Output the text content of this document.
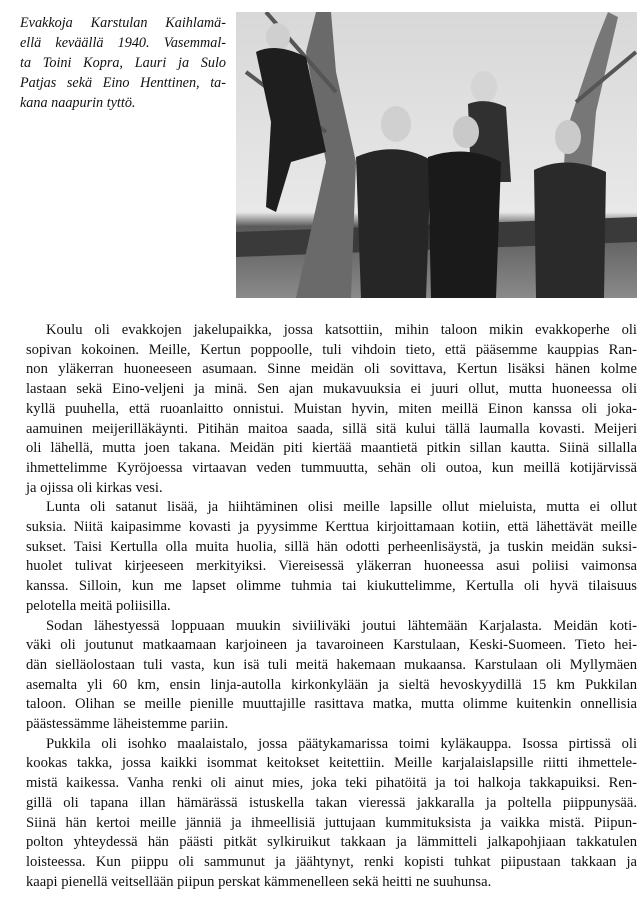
Evakkoja Karstulan Kaihlamä-
ellä keväällä 1940. Vasemmal-
ta Toini Kopra, Lauri ja Sulo
Patjas sekä Eino Henttinen, ta-
kana naapurin tyttö.
Koulu oli evakkojen jakelupaikka, jossa katsottiin, mihin taloon mikin evakkoperhe oli
sopivan kokoinen. Meille, Kertun poppoolle, tuli vihdoin tieto, että pääsemme kauppias Ran-
non yläkerran huoneeseen asumaan. Sinne meidän oli sovittava, Kertun lisäksi hänen kolme
lastaan sekä Eino-veljeni ja minä. Sen ajan mukavuuksia ei juuri ollut, mutta huoneessa oli
kyllä puuhella, että ruoanlaitto onnistui. Muistan hyvin, miten meillä Einon kanssa oli joka-
aamuinen meijerilläkäynti. Pitihän maitoa saada, sillä sitä kului tällä laumalla kovasti. Meijeri
oli lähellä, mutta joen takana. Meidän piti kiertää maantietä pitkin sillan kautta. Siinä sillalla
ihmettelimme Kyröjoessa virtaavan veden tummuutta, sehän oli outoa, kun meillä kotijärvissä
ja ojissa oli kirkas vesi.
Lunta oli satanut lisää, ja hiihtäminen olisi meille lapsille ollut mieluista, mutta ei ollut
suksia. Niitä kaipasimme kovasti ja pyysimme Kerttua kirjoittamaan kotiin, että lähettävät meille
sukset. Taisi Kertulla olla muita huolia, sillä hän odotti perheenlisäystä, ja tuskin meidän suksi-
huolet tulivat kirjeeseen merkityiksi. Viereisessä yläkerran huoneessa asui poliisi vaimonsa
kanssa. Silloin, kun me lapset olimme tuhmia tai kiukuttelimme, Kertulla oli hyvä tilaisuus
pelotella meitä poliisilla.
Sodan lähestyessä loppuaan muukin siviiliväki joutui lähtemään Karjalasta. Meidän koti-
väki oli joutunut matkaamaan karjoineen ja tavaroineen Karstulaan, Keski-Suomeen. Tieto hei-
dän sielläolostaan tuli vasta, kun isä tuli meitä hakemaan mukaansa. Karstulaan oli Myllymäen
asemalta yli 60 km, ensin linja-autolla kirkonkylään ja sieltä hevoskyydillä 15 km Pukkilan
taloon. Olihan se meille pienille muuttajille rasittava matka, mutta olimme kuitenkin onnellisia
päästessämme läheistemme pariin.
Pukkila oli isohko maalaistalo, jossa päätykamarissa toimi kyläkauppa. Isossa pirtissä oli
kookas takka, jossa kaikki isommat keitokset keitettiin. Meille karjalaislapsille riitti ihmettele-
mistä kaikessa. Vanha renki oli ainut mies, joka teki pihatöitä ja toi halkoja takkapuiksi. Ren-
gillä oli tapana illan hämärässä istuskella takan vieressä jakkaralla ja poltella piippunysää.
Siinä hän kertoi meille jänniä ja ihmeellisiä juttujaan kummituksista ja vaikka mistä. Piipun-
polton yhteydessä hän päästi pitkät sylkiruikut takkaan ja lämmitteli jalkapohjiaan takkatulen
loisteessa. Kun piippu oli sammunut ja jäähtynyt, renki kopisti tuhkat piipustaan takkaan ja
kaapi pienellä veitsellään piipun perskat kämmenelleen sekä heitti ne suuhunsa.
